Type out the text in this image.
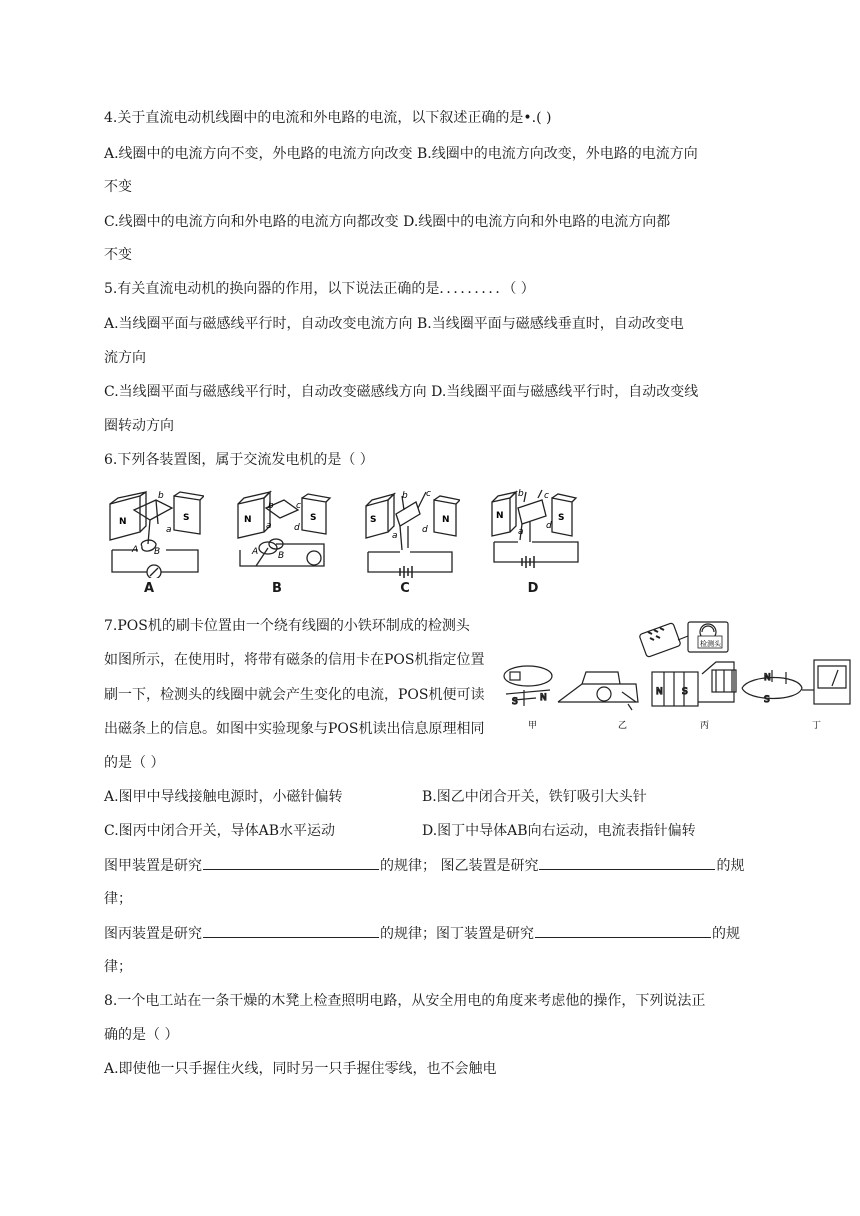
4.关于直流电动机线圈中的电流和外电路的电流，以下叙述正确的是•.( )
A.线圈中的电流方向不变，外电路的电流方向改变 B.线圈中的电流方向改变，外电路的电流方向
不变
C.线圈中的电流方向和外电路的电流方向都改变 D.线圈中的电流方向和外电路的电流方向都
不变
5.有关直流电动机的换向器的作用，以下说法正确的是．．．．．．．．．（ ）
A.当线圈平面与磁感线平行时，自动改变电流方向 B.当线圈平面与磁感线垂直时，自动改变电
流方向
C.当线圈平面与磁感线平行时，自动改变磁感线方向 D.当线圈平面与磁感线平行时，自动改变线
圈转动方向
6.下列各装置图，属于交流发电机的是（ ）
N	S
A B
a
b
A
N	S
b
a d
c
A B
B
S	N
b c
a
d
C
N	S
b c
a
d
D
7.POS机的刷卡位置由一个绕有线圈的小铁环制成的检测头
如图所示，在使用时，将带有磁条的信用卡在POS机指定位置
刷一下，检测头的线圈中就会产生变化的电流，POS机便可读
出磁条上的信息。如图中实验现象与POS机读出信息原理相同
的是（ ）
S N
N S
N
S
检测头
甲	乙	丙	丁
A.图甲中导线接触电源时，小磁针偏转	B.图乙中闭合开关，铁钉吸引大头针
C.图丙中闭合开关，导体AB水平运动	D.图丁中导体AB向右运动，电流表指针偏转
图甲装置是研究	的规律； 图乙装置是研究	的规
律；
图丙装置是研究	的规律；图丁装置是研究	的规
律；
8.一个电工站在一条干燥的木凳上检查照明电路，从安全用电的角度来考虑他的操作，下列说法正
确的是（ ）
A.即使他一只手握住火线，同时另一只手握住零线，也不会触电
